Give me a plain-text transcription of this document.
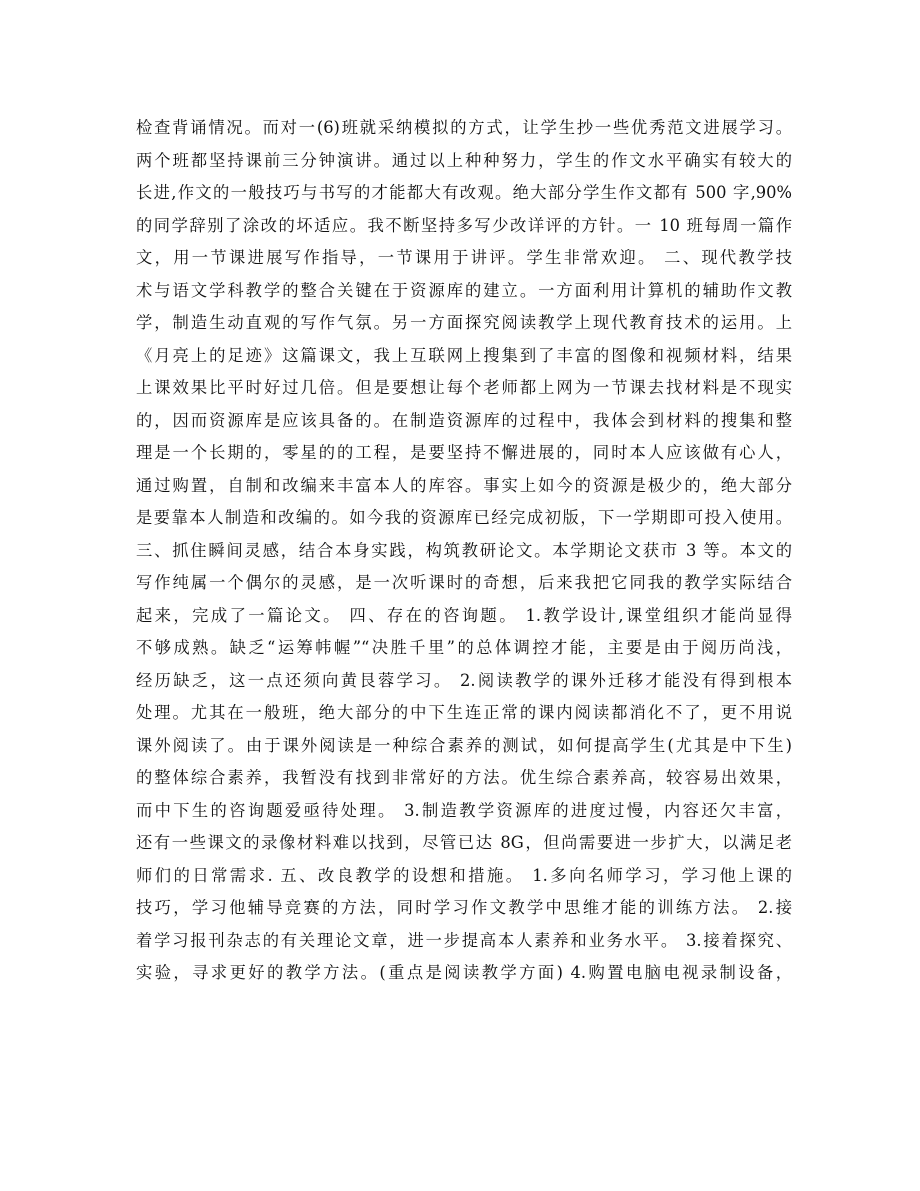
检查背诵情况。而对一(6)班就采纳模拟的方式，让学生抄一些优秀范文进展学习。
两个班都坚持课前三分钟演讲。通过以上种种努力，学生的作文水平确实有较大的
长进,作文的一般技巧与书写的才能都大有改观。绝大部分学生作文都有 500 字,90%
的同学辞别了涂改的坏适应。我不断坚持多写少改详评的方针。一 10 班每周一篇作
文，用一节课进展写作指导，一节课用于讲评。学生非常欢迎。 二、现代教学技
术与语文学科教学的整合关键在于资源库的建立。一方面利用计算机的辅助作文教
学，制造生动直观的写作气氛。另一方面探究阅读教学上现代教育技术的运用。上
《月亮上的足迹》这篇课文，我上互联网上搜集到了丰富的图像和视频材料，结果
上课效果比平时好过几倍。但是要想让每个老师都上网为一节课去找材料是不现实
的，因而资源库是应该具备的。在制造资源库的过程中，我体会到材料的搜集和整
理是一个长期的，零星的的工程，是要坚持不懈进展的，同时本人应该做有心人，
通过购置，自制和改编来丰富本人的库容。事实上如今的资源是极少的，绝大部分
是要靠本人制造和改编的。如今我的资源库已经完成初版，下一学期即可投入使用。
三、抓住瞬间灵感，结合本身实践，构筑教研论文。本学期论文获市 3 等。本文的
写作纯属一个偶尔的灵感，是一次听课时的奇想，后来我把它同我的教学实际结合
起来，完成了一篇论文。 四、存在的咨询题。 1.教学设计,课堂组织才能尚显得
不够成熟。缺乏“运筹帏幄”“决胜千里”的总体调控才能，主要是由于阅历尚浅，
经历缺乏，这一点还须向黄艮蓉学习。 2.阅读教学的课外迁移才能没有得到根本
处理。尤其在一般班，绝大部分的中下生连正常的课内阅读都消化不了，更不用说
课外阅读了。由于课外阅读是一种综合素养的测试，如何提高学生(尤其是中下生)
的整体综合素养，我暂没有找到非常好的方法。优生综合素养高，较容易出效果，
而中下生的咨询题爱亟待处理。 3.制造教学资源库的进度过慢，内容还欠丰富，
还有一些课文的录像材料难以找到，尽管已达 8G，但尚需要进一步扩大，以满足老
师们的日常需求. 五、改良教学的设想和措施。 1.多向名师学习，学习他上课的
技巧，学习他辅导竞赛的方法，同时学习作文教学中思维才能的训练方法。 2.接
着学习报刊杂志的有关理论文章，进一步提高本人素养和业务水平。 3.接着探究、
实验，寻求更好的教学方法。(重点是阅读教学方面) 4.购置电脑电视录制设备，
